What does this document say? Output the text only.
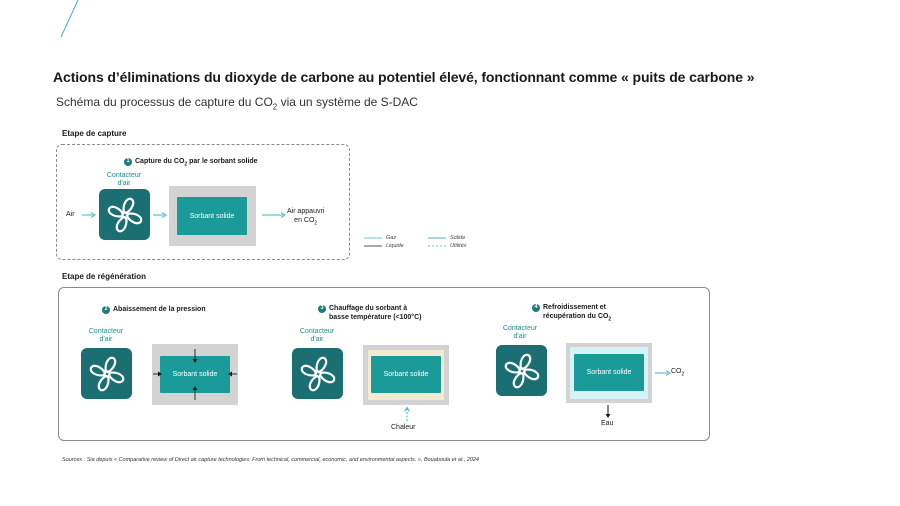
Actions d’éliminations du dioxyde de carbone au potentiel élevé, fonctionnant comme « puits de carbone »
Schéma du processus de capture du $CO_2$ via un système de S-DAC
Etape de capture
1 Capture du $CO_2$ par le sorbant solide
Contacteur
d'air
Air	Sorbant solide
Air appauvri
en $CO_2$
Gaz
Liquide
Solide
Utilités
Etape de régénération
2 Abaissement de la pression
Contacteur
d'air
Sorbant solide
3 Chauffage du sorbant à
basse température (<100°C)
Contacteur
d'air
Sorbant solide
Chaleur
4 Refroidissement et
récupération du $CO_2$
Contacteur
d'air
Sorbant solide	$CO_2$
Eau
Sources : Sia depuis « Comparative review of Direct air capture technologies: From technical, commercial, economic, and environmental aspects. », Bouaboula et al., 2024
